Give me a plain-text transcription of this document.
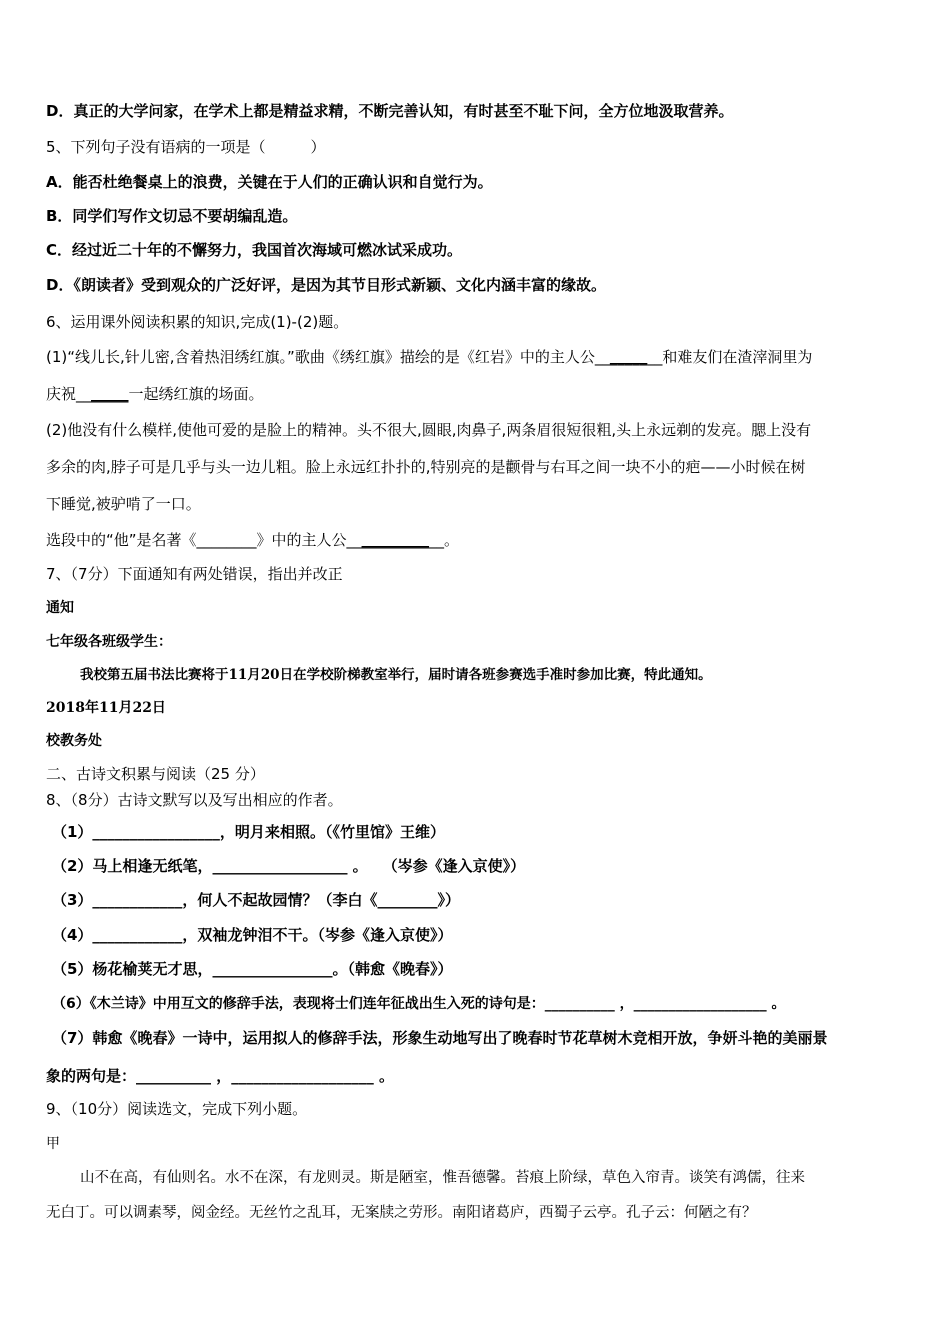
D．真正的大学问家，在学术上都是精益求精，不断完善认知，有时甚至不耻下问，全方位地汲取营养。
5、下列句子没有语病的一项是（　　　）
A．能否杜绝餐桌上的浪费，关键在于人们的正确认识和自觉行为。
B．同学们写作文切忌不要胡编乱造。
C．经过近二十年的不懈努力，我国首次海域可燃冰试采成功。
D．《朗读者》受到观众的广泛好评，是因为其节目形式新颖、文化内涵丰富的缘故。
6、运用课外阅读积累的知识,完成(1)-(2)题。
(1)“线儿长,针儿密,含着热泪绣红旗。”歌曲《绣红旗》描绘的是《红岩》中的主人公_________和难友们在渣滓洞里为
庆祝_______一起绣红旗的场面。
(2)他没有什么模样,使他可爱的是脸上的精神。头不很大,圆眼,肉鼻子,两条眉很短很粗,头上永远剃的发亮。腮上没有
多余的肉,脖子可是几乎与头一边儿粗。脸上永远红扑扑的,特别亮的是颧骨与右耳之间一块不小的疤——小时候在树
下睡觉,被驴啃了一口。
选段中的“他”是名著《________》中的主人公_____________。
7、（7分）下面通知有两处错误，指出并改正
通知
七年级各班级学生：
我校第五届书法比赛将于11月20日在学校阶梯教室举行，届时请各班参赛选手准时参加比赛，特此通知。
2018年11月22日
校教务处
二、古诗文积累与阅读（25 分）
8、（8分）古诗文默写以及写出相应的作者。
（1）_________________，明月来相照。（《竹里馆》王维）
（2）马上相逢无纸笔，__________________ 。　　（岑参《逢入京使》）
（3）____________，何人不起故园情？（李白《________》）
（4）____________，双袖龙钟泪不干。（岑参《逢入京使》）
（5）杨花榆荚无才思，________________。（韩愈《晚春》）
（6）《木兰诗》中用互文的修辞手法，表现将士们连年征战出生入死的诗句是：__________ ，___________________ 。
（7）韩愈《晚春》一诗中，运用拟人的修辞手法，形象生动地写出了晚春时节花草树木竞相开放，争妍斗艳的美丽景
象的两句是：__________ ，___________________ 。
9、（10分）阅读选文，完成下列小题。
甲
山不在高，有仙则名。水不在深，有龙则灵。斯是陋室，惟吾德馨。苔痕上阶绿，草色入帘青。谈笑有鸿儒，往来
无白丁。可以调素琴，阅金经。无丝竹之乱耳，无案牍之劳形。南阳诸葛庐，西蜀子云亭。孔子云：何陋之有？
